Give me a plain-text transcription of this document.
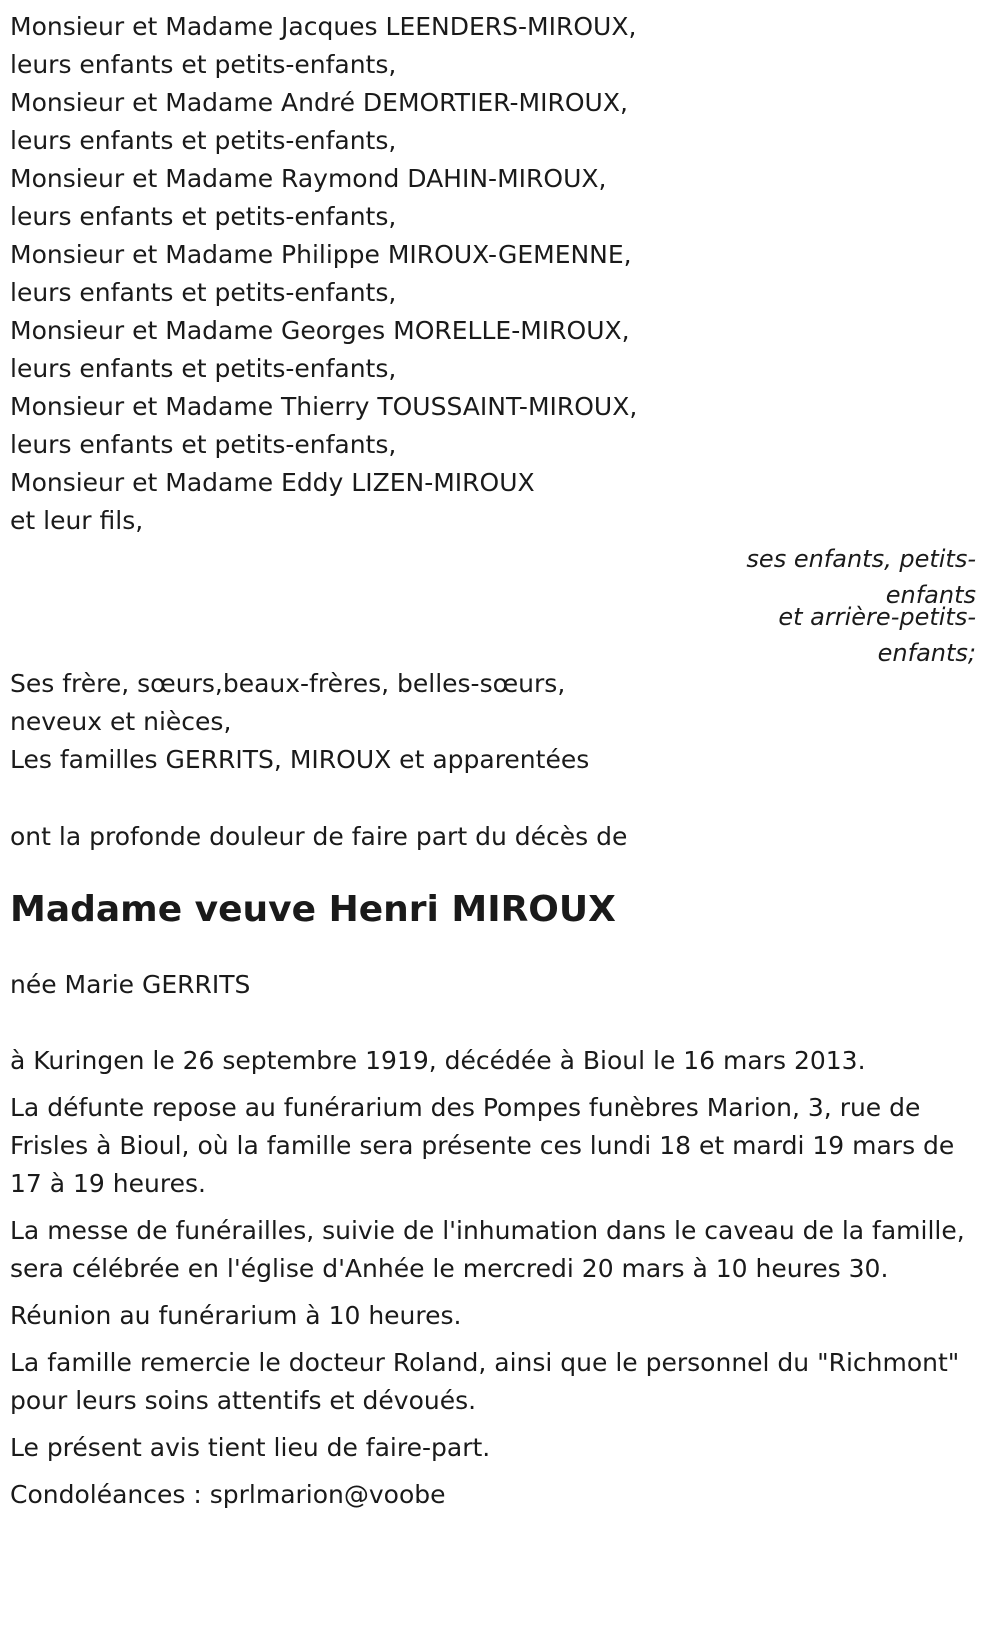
Monsieur et Madame Jacques LEENDERS-MIROUX,
leurs enfants et petits-enfants,
Monsieur et Madame André DEMORTIER-MIROUX,
leurs enfants et petits-enfants,
Monsieur et Madame Raymond DAHIN-MIROUX,
leurs enfants et petits-enfants,
Monsieur et Madame Philippe MIROUX-GEMENNE,
leurs enfants et petits-enfants,
Monsieur et Madame Georges MORELLE-MIROUX,
leurs enfants et petits-enfants,
Monsieur et Madame Thierry TOUSSAINT-MIROUX,
leurs enfants et petits-enfants,
Monsieur et Madame Eddy LIZEN-MIROUX
et leur fils,
ses enfants, petits-
enfants
et arrière-petits-
enfants;
Ses frère, sœurs,beaux-frères, belles-sœurs,
neveux et nièces,
Les familles GERRITS, MIROUX et apparentées
ont la profonde douleur de faire part du décès de
Madame veuve Henri MIROUX
née Marie GERRITS

à Kuringen le 26 septembre 1919, décédée à Bioul le 16 mars 2013.

La défunte repose au funérarium des Pompes funèbres Marion, 3, rue de Frisles à Bioul, où la famille sera présente ces lundi 18 et mardi 19 mars de 17 à 19 heures.

La messe de funérailles, suivie de l'inhumation dans le caveau de la famille, sera célébrée en l'église d'Anhée le mercredi 20 mars à 10 heures 30.

Réunion au funérarium à 10 heures.

La famille remercie le docteur Roland, ainsi que le personnel du "Richmont" pour leurs soins attentifs et dévoués.

Le présent avis tient lieu de faire-part.

Condoléances : sprlmarion@voobe
